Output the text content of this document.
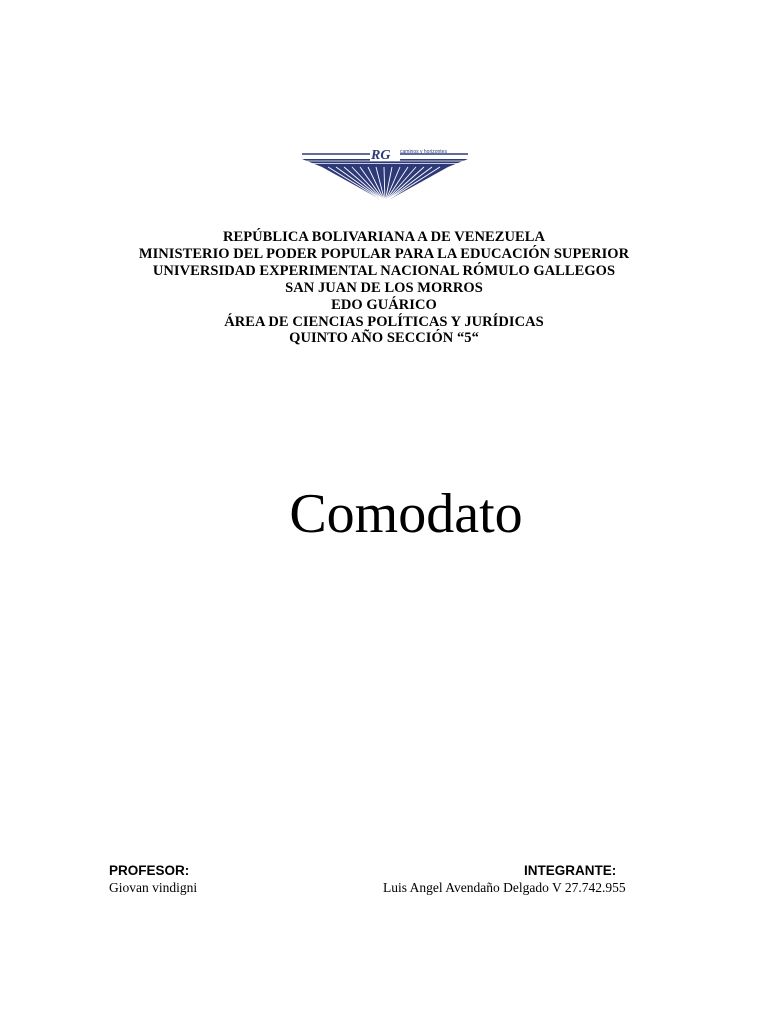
RG caminos y horizontes
REPÚBLICA BOLIVARIANA A DE VENEZUELA
MINISTERIO DEL PODER POPULAR PARA LA EDUCACIÓN SUPERIOR
UNIVERSIDAD EXPERIMENTAL NACIONAL RÓMULO GALLEGOS
SAN JUAN DE LOS MORROS
EDO GUÁRICO
ÁREA DE CIENCIAS POLÍTICAS Y JURÍDICAS
QUINTO AÑO SECCIÓN “5“
Comodato
PROFESOR:
Giovan vindigni
INTEGRANTE:
Luis Angel Avendaño Delgado V 27.742.955
